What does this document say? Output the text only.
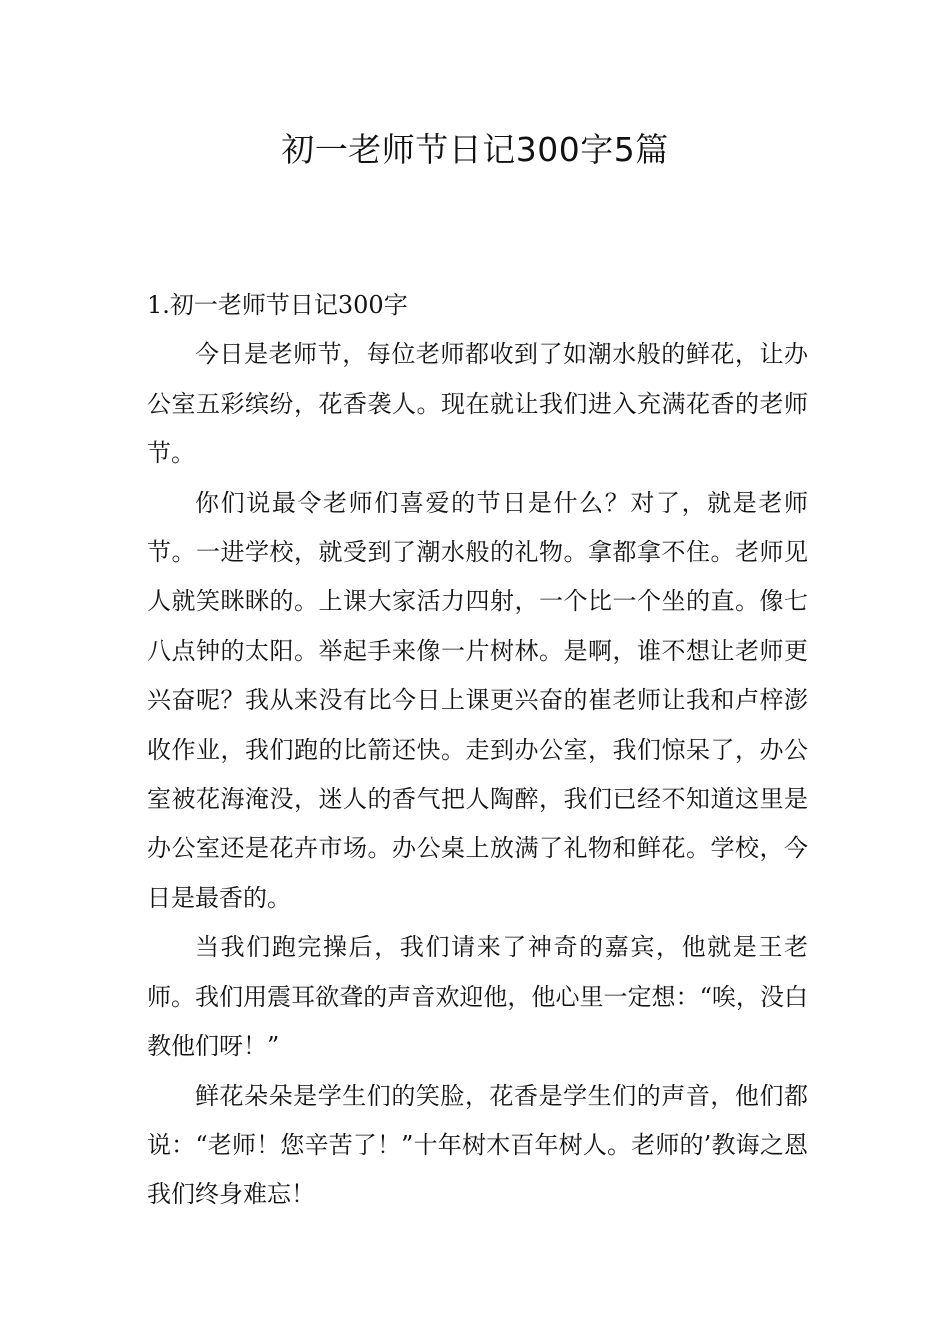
初一老师节日记300字5篇

1.初一老师节日记300字

今日是老师节，每位老师都收到了如潮水般的鲜花，让办公室五彩缤纷，花香袭人。现在就让我们进入充满花香的老师节。

你们说最令老师们喜爱的节日是什么？对了，就是老师节。一进学校，就受到了潮水般的礼物。拿都拿不住。老师见人就笑眯眯的。上课大家活力四射，一个比一个坐的直。像七八点钟的太阳。举起手来像一片树林。是啊，谁不想让老师更兴奋呢？我从来没有比今日上课更兴奋的崔老师让我和卢梓澎收作业，我们跑的比箭还快。走到办公室，我们惊呆了，办公室被花海淹没，迷人的香气把人陶醉，我们已经不知道这里是办公室还是花卉市场。办公桌上放满了礼物和鲜花。学校，今日是最香的。

当我们跑完操后，我们请来了神奇的嘉宾，他就是王老师。我们用震耳欲聋的声音欢迎他，他心里一定想：“唉，没白教他们呀！”

鲜花朵朵是学生们的笑脸，花香是学生们的声音，他们都说：“老师！您辛苦了！”十年树木百年树人。老师的’教诲之恩我们终身难忘！
